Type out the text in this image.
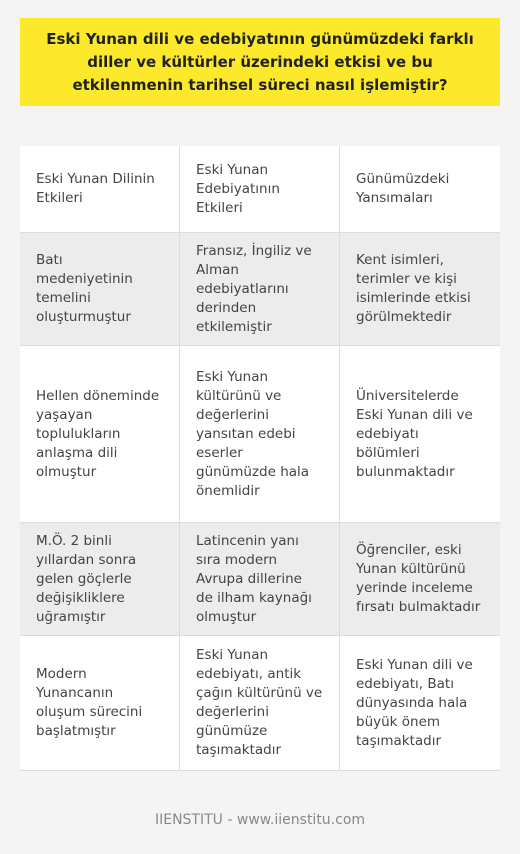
Eski Yunan dili ve edebiyatının günümüzdeki farklı diller ve kültürler üzerindeki etkisi ve bu etkilenmenin tarihsel süreci nasıl işlemiştir?
Eski Yunan Dilinin Etkileri
Eski Yunan Edebiyatının Etkileri
Günümüzdeki Yansımaları
Batı medeniyetinin temelini oluşturmuştur
Fransız, İngiliz ve Alman edebiyatlarını derinden etkilemiştir
Kent isimleri, terimler ve kişi isimlerinde etkisi görülmektedir
Hellen döneminde yaşayan toplulukların anlaşma dili olmuştur
Eski Yunan kültürünü ve değerlerini yansıtan edebi eserler günümüzde hala önemlidir
Üniversitelerde Eski Yunan dili ve edebiyatı bölümleri bulunmaktadır
M.Ö. 2 binli yıllardan sonra gelen göçlerle değişikliklere uğramıştır
Latincenin yanı sıra modern Avrupa dillerine de ilham kaynağı olmuştur
Öğrenciler, eski Yunan kültürünü yerinde inceleme fırsatı bulmaktadır
Modern Yunancanın oluşum sürecini başlatmıştır
Eski Yunan edebiyatı, antik çağın kültürünü ve değerlerini günümüze taşımaktadır
Eski Yunan dili ve edebiyatı, Batı dünyasında hala büyük önem taşımaktadır
IIENSTITU - www.iienstitu.com
